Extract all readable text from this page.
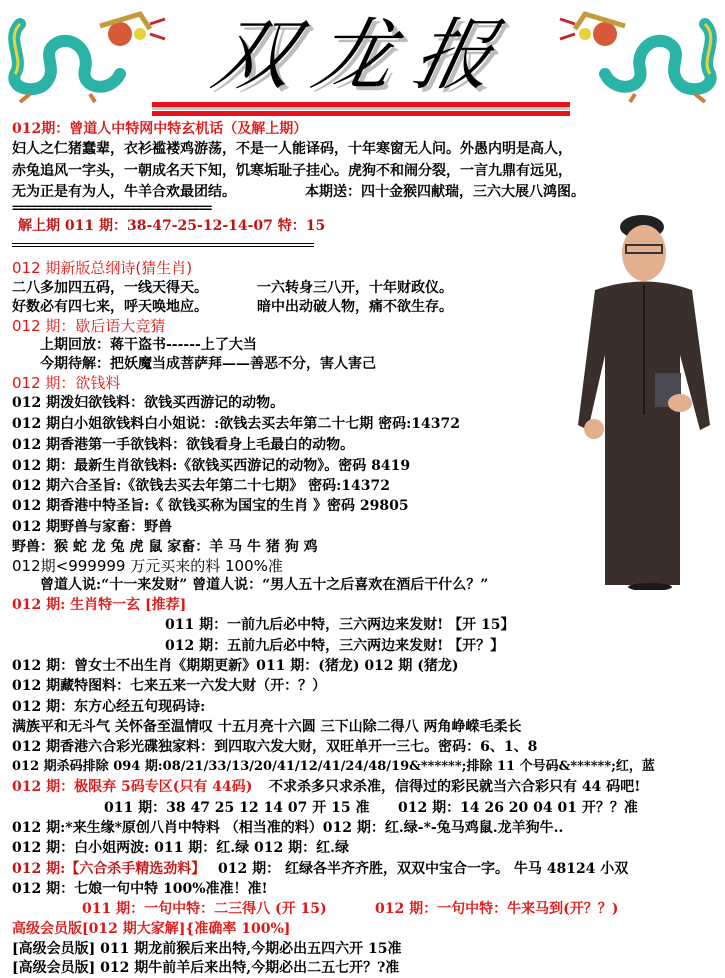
双龙报
012期：曾道人中特网中特玄机话（及解上期）
妇人之仁猪蠢辈，衣衫褴褛鸡游荡，不是一人能译码，十年寒窗无人问。外愚内明是高人，
赤兔追风一字头，一朝成名天下知，饥寒垢耻子挂心。虎狗不和闹分裂，一言九鼎有远见，
无为正是有为人，牛羊合欢最团结。	本期送：四十金猴四献瑞，三六大展八鸿图。
================================
解上期 011 期：38-47-25-12-14-07 特：15
012 期新版总纲诗(猜生肖)
二八多加四五码，一线天得天。	一六转身三八开，十年财政仪。
好数必有四七来，呼天唤地应。	暗中出动破人物，痛不欲生存。
012 期：歇后语大竞猜
上期回放：蒋干盗书------上了大当
今期待解：把妖魔当成菩萨拜——善恶不分，害人害己
012 期：欲钱料
012 期泼妇欲钱料：欲钱买西游记的动物。
012 期白小姐欲钱料白小姐说：:欲钱去买去年第二十七期 密码:14372
012 期香港第一手欲钱料：欲钱看身上毛最白的动物。
012 期：最新生肖欲钱料:《欲钱买西游记的动物》。密码 8419
012 期六合圣旨:《欲钱去买去年第二十七期》 密码:14372
012 期香港中特圣旨:《 欲钱买称为国宝的生肖 》密码 29805
012 期野兽与家畜：野兽
野兽：猴 蛇 龙 兔 虎 鼠 家畜：羊 马 牛 猪 狗 鸡
012期<999999 万元买来的料 100%准
曾道人说:“十一来发财” 曾道人说：“男人五十之后喜欢在酒后干什么？”
012 期: 生肖特一玄 [推荐]
011 期：一前九后必中特，三六两边来发财! 【开 15】
012 期：五前九后必中特，三六两边来发财! 【开？】
012 期：曾女士不出生肖《期期更新》011 期：(猪龙) 012 期 (猪龙)
012 期藏特图料：七来五来一六发大财（开：？）
012 期：东方心经五句现码诗:
满族平和无斗气 关怀备至温情叹 十五月亮十六圆 三下山除二得八 两角峥嵘毛柔长
012 期香港六合彩光碟独家料：到四取六发大财，双旺单开一三七。密码：6、1、8
012 期杀码排除 094 期:08/21/33/13/20/41/12/41/24/48/19&******;排除 11 个号码&******;红，蓝
012 期：极限弃 5码专区(只有 44码) 不求杀多只求杀准，信得过的彩民就当六合彩只有 44 码吧!
011 期：38 47 25 12 14 07 开 15 准 012 期：14 26 20 04 01 开？？准
012 期:*来生缘*原创八肖中特料 （相当准的料）012 期：红.绿-*-兔马鸡鼠.龙羊狗牛..
012 期：白小姐两波: 011 期：红.绿 012 期：红.绿
012 期:【六合杀手精选劲料】 012 期： 红绿各半齐齐胜，双双中宝合一字。 牛马 48124 小双
012 期：七娘一句中特 100%准准！准!
011 期：一句中特：二三得八 (开 15)	012 期：一句中特：牛来马到(开？？)
高级会员版[012 期大家解]{准确率 100%]
[高级会员版] 011 期龙前猴后来出特,今期必出五四六开 15准
[高级会员版] 012 期牛前羊后来出特,今期必出二五七开？?准
